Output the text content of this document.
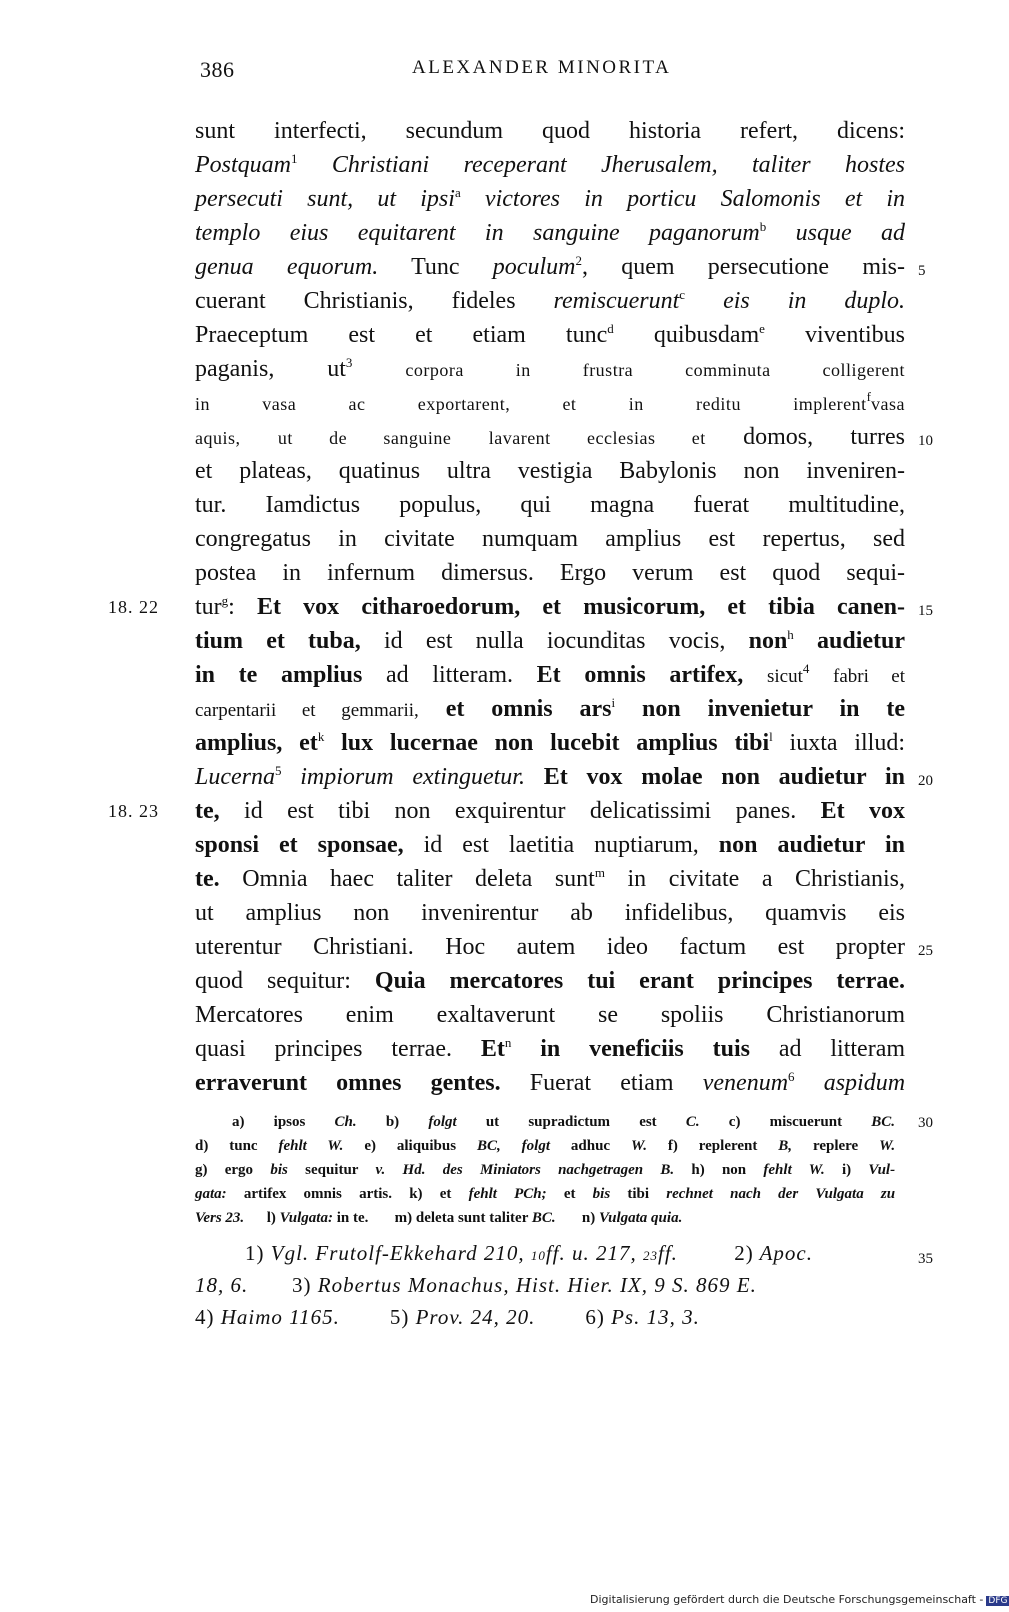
386	ALEXANDER MINORITA
sunt interfecti, secundum quod historia refert, dicens:
Postquam$^1$ Christiani receperant Jherusalem, taliter hostes
persecuti sunt, ut ipsi$^a$ victores in porticu Salomonis et in
templo eius equitarent in sanguine paganorum$^b$ usque ad
genua equorum. Tunc poculum$^2$, quem persecutione mis-
cuerant Christianis, fideles remiscuerunt$^c$ eis in duplo.
Praeceptum est et etiam tunc$^d$ quibusdam$^e$ viventibus
paganis, $ut^3$	corpora in frustra comminuta colligerent
in vasa ac exportarent, et in reditu implerent$^f$vasa
aquis, ut de sanguine lavarent ecclesias et domos, turres
et plateas, quatinus ultra vestigia Babylonis non inveniren-
tur. Iamdictus populus, qui magna fuerat multitudine,
congregatus in civitate numquam amplius est repertus, sed
postea in infernum dimersus. Ergo verum est quod sequi-
tur$^g$: Et vox citharoedorum, et musicorum, et tibia canen-
tium et tuba, id est nulla iocunditas vocis, non$^h$ audietur
in te amplius ad litteram. Et omnis artifex, sicut$^4$ fabri et
carpentarii et gemmarii, et omnis ars$^i$ non invenietur in te
amplius, $et^k$ lux lucernae non lucebit amplius tibi$^l$ iuxta illud:
Lucerna$^5$ impiorum extinguetur. Et vox molae non audietur in
te, id est tibi non exquirentur delicatissimi panes. Et vox
sponsi et sponsae, id est laetitia nuptiarum, non audietur in
te. Omnia haec taliter deleta sunt$^m$ in civitate a Christianis,
ut amplius non invenirentur ab infidelibus, quamvis eis
uterentur Christiani. Hoc autem ideo factum est propter
quod sequitur: Quia mercatores tui erant principes terrae.
Mercatores enim exaltaverunt se spoliis Christianorum
quasi principes terrae. Et$^n$ in veneficiis tuis ad litteram
erraverunt omnes gentes. Fuerat etiam venenum$^6$ aspidum
18. 22
18. 23
5
10
15
20
25
30
35
a) ipsos Ch. b) folgt ut supradictum est C. c) miscuerunt BC.
d) tunc fehlt W. e) aliquibus BC, folgt adhuc W. f) replerent B, replere W.
g) ergo bis sequitur v. Hd. des Miniators nachgetragen B. h) non fehlt W. i) Vul-
gata: artifex omnis artis. k) et fehlt PCh; et bis tibi rechnet nach der Vulgata zu
Vers 23. l) Vulgata: in te. m) deleta sunt taliter BC. n) Vulgata quia.
1) Vgl. Frutolf-Ekkehard 210, 10ff. u. 217, 23ff.	2) Apoc.
18, 6. 3) Robertus Monachus, Hist. Hier. IX, 9 S. 869 E.
4) Haimo 1165. 5) Prov. 24, 20. 6) Ps. 13, 3.
Digitalisierung gefördert durch die Deutsche Forschungsgemeinschaft - DFG
